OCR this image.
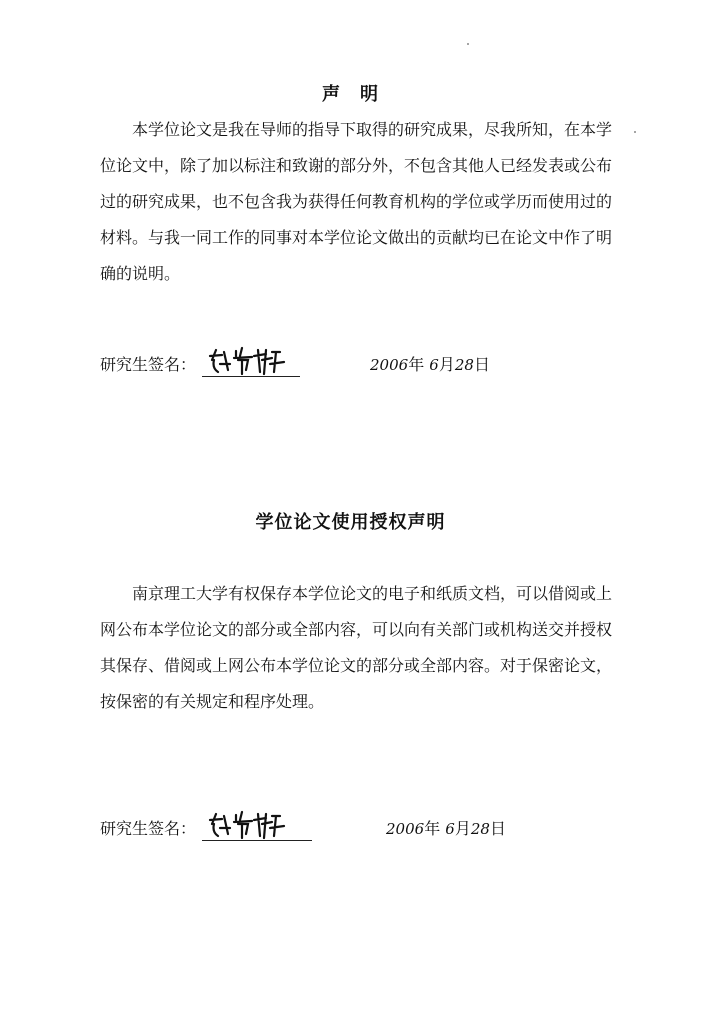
声　明

本学位论文是我在导师的指导下取得的研究成果，尽我所知，在本学位论文中，除了加以标注和致谢的部分外，不包含其他人已经发表或公布过的研究成果，也不包含我为获得任何教育机构的学位或学历而使用过的材料。与我一同工作的同事对本学位论文做出的贡献均已在论文中作了明确的说明。

研究生签名：	2006年 6月28日
学位论文使用授权声明

南京理工大学有权保存本学位论文的电子和纸质文档，可以借阅或上网公布本学位论文的部分或全部内容，可以向有关部门或机构送交并授权其保存、借阅或上网公布本学位论文的部分或全部内容。对于保密论文，按保密的有关规定和程序处理。

研究生签名：	2006年 6月28日
